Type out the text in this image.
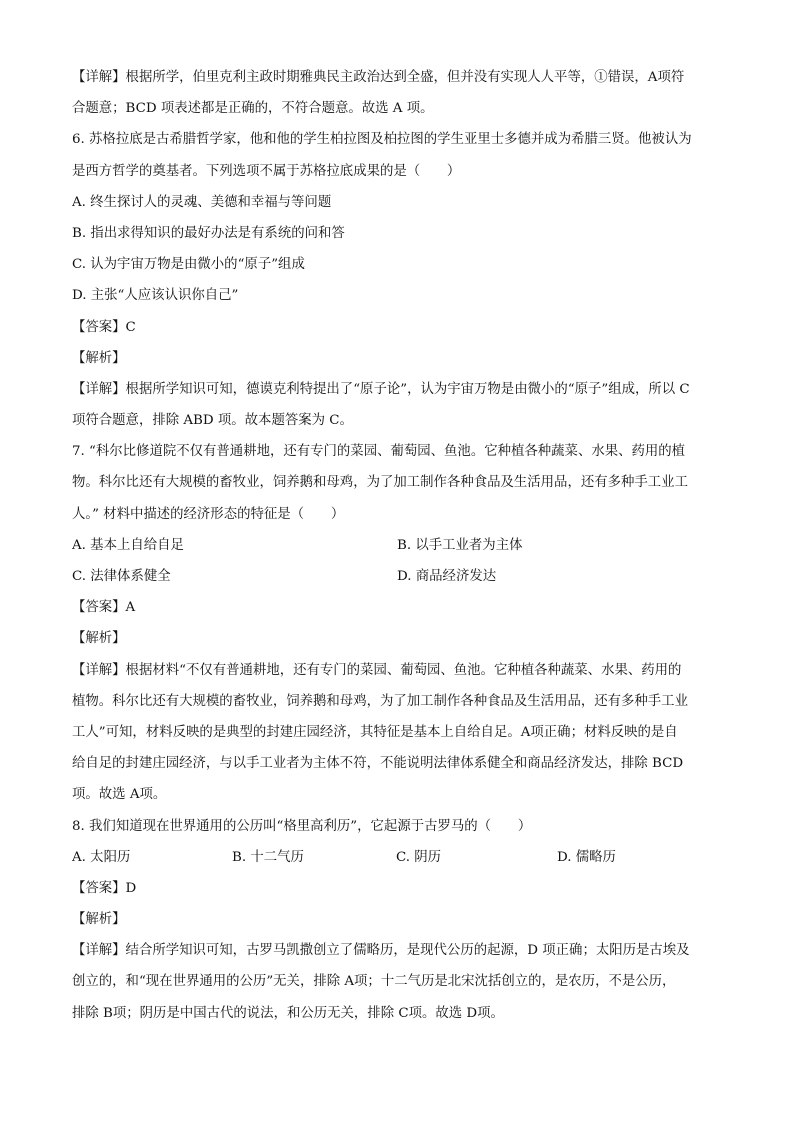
【详解】根据所学，伯里克利主政时期雅典民主政治达到全盛，但并没有实现人人平等，①错误，A项符
合题意；BCD 项表述都是正确的，不符合题意。故选 A 项。
6. 苏格拉底是古希腊哲学家，他和他的学生柏拉图及柏拉图的学生亚里士多德并成为希腊三贤。他被认为
是西方哲学的奠基者。下列选项不属于苏格拉底成果的是（　　）
A. 终生探讨人的灵魂、美德和幸福与等问题
B. 指出求得知识的最好办法是有系统的问和答
C. 认为宇宙万物是由微小的“原子”组成
D. 主张“人应该认识你自己”
【答案】C
【解析】
【详解】根据所学知识可知，德谟克利特提出了“原子论”，认为宇宙万物是由微小的“原子”组成，所以 C
项符合题意，排除 ABD 项。故本题答案为 C。
7. “科尔比修道院不仅有普通耕地，还有专门的菜园、葡萄园、鱼池。它种植各种蔬菜、水果、药用的植
物。科尔比还有大规模的畜牧业，饲养鹅和母鸡，为了加工制作各种食品及生活用品，还有多种手工业工
人。” 材料中描述的经济形态的特征是（　　）
A. 基本上自给自足	B. 以手工业者为主体
C. 法律体系健全	D. 商品经济发达
【答案】A
【解析】
【详解】根据材料“不仅有普通耕地，还有专门的菜园、葡萄园、鱼池。它种植各种蔬菜、水果、药用的
植物。科尔比还有大规模的畜牧业，饲养鹅和母鸡，为了加工制作各种食品及生活用品，还有多种手工业
工人”可知，材料反映的是典型的封建庄园经济，其特征是基本上自给自足。A项正确；材料反映的是自
给自足的封建庄园经济，与以手工业者为主体不符，不能说明法律体系健全和商品经济发达，排除 BCD
项。故选 A项。
8. 我们知道现在世界通用的公历叫“格里高利历”，它起源于古罗马的（　　）
A. 太阳历	B. 十二气历	C. 阴历	D. 儒略历
【答案】D
【解析】
【详解】结合所学知识可知，古罗马凯撒创立了儒略历，是现代公历的起源，D 项正确；太阳历是古埃及
创立的，和“现在世界通用的公历”无关，排除 A项；十二气历是北宋沈括创立的，是农历，不是公历，
排除 B项；阴历是中国古代的说法，和公历无关，排除 C项。故选 D项。
